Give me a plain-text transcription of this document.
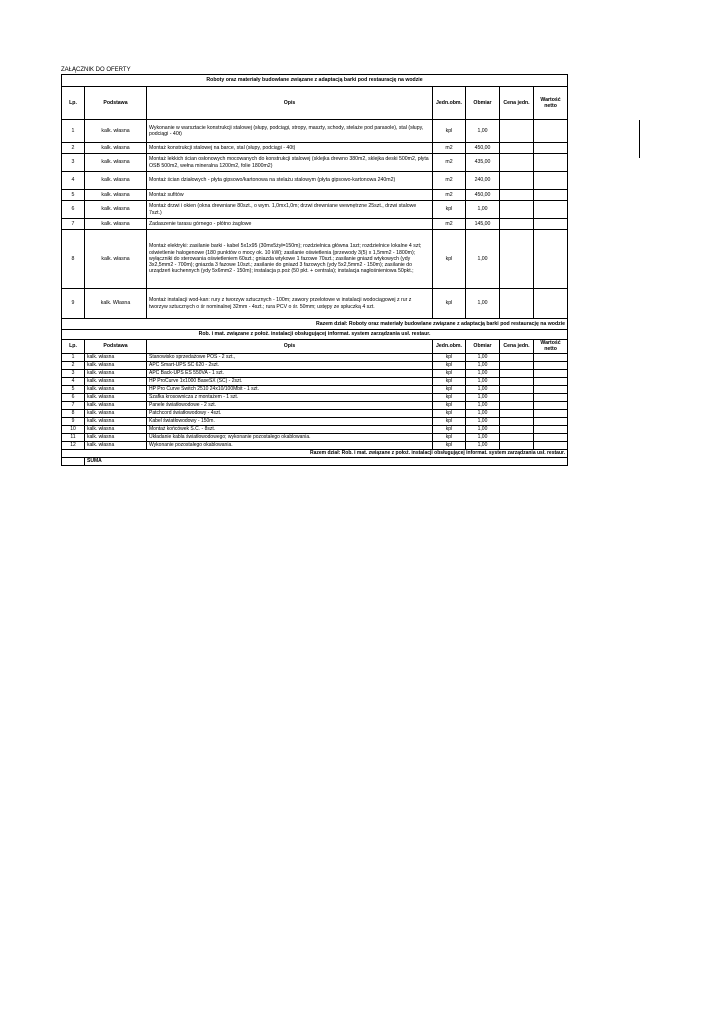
ZAŁĄCZNIK DO OFERTY
Roboty oraz materiały budowlane związane z adaptacją barki pod restaurację na wodzie						
Lp.	Podstawa	Opis	Jedn.obm.	Obmiar	Cena jedn.	Wartość netto
1	kalk. własna	Wykonanie w warsztacie konstrukcji stalowej (słupy, podciągi, stropy, maszty, schody, stelaże pod parasole), stal (słupy, podciągi - 40t)	kpl	1,00		
2	kalk. własna	Montaż konstrukcji stalowej na barce, stal (słupy, podciągi - 40t)	m2	450,00		
3	kalk. własna	Montaż lekkich ścian osłonowych mocowanych do konstrukcji stalowej (sklejka drewno 380m2, sklejka deski 500m2, płyta OSB 500m2, wełna mineralna 1200m2, folie 1800m2)	m2	435,00		
4	kalk. własna	Montaż ścian działowych - płyta gipsowo/kartonowa na stelażu stalowym (płyta gipsowo-kartonowa 240m2)	m2	240,00		
5	kalk. własna	Montaż sufitów	m2	450,00		
6	kalk. własna	Montaż drzwi i okien (okna drewniane 80szt., o wym. 1,0mx1,0m; drzwi drewniane wewnętrzne 25szt., drzwi stalowe 7szt.)	kpl	1,00		
7	kalk. własna	Zadaszenie tarasu górnego - płótno żaglowe	m2	145,00		
8	kalk. własna	Montaż elektryki: zasilanie barki - kabel 5x1x95 (30mx5żył=150m); rozdzielnica główna 1szt; rozdzielnice lokalne 4 szt; oświetlenie halogenowe (180 punktów o mocy ok. 10 kW); zasilanie oświetlenia (przewody 3(5) x 1,5mm2 - 1800m); wyłączniki do sterowania oświetleniem 60szt.; gniazda wtykowe 1 fazowe 70szt.; zasilanie gniazd wtykowych (ydy 3x2,5mm2 - 700m); gniazda 3 fazowe 10szt.; zasilanie do gniazd 3 fazowych (ydy 5x2,5mm2 - 150m); zasilanie do urządzeń kuchennych (ydy 5x6mm2 - 150m); instalacja p.poż (50 pkt. + centrala); instalacja nagłośnieniowa 50pkt.;	kpl	1,00		
9	kalk. Własna	Montaż instalacji wod-kan: rury z tworzyw sztucznych - 100m; zawory przelotowe w instalacji wodociągowej z rur z tworzyw sztucznych o śr nominalnej 32mm - 4szt.; rura PCV o śr. 50mm; ustępy ze spłuczką 4 szt.	kpl	1,00		
Razem dział: Roboty oraz materiały budowlane związane z adaptacją barki pod restaurację na wodzie						
Rob. i mat. związane z położ. instalacji obsługującej informat. system zarządzania usł. restaur.						
Lp.	Podstawa	Opis	Jedn.obm.	Obmiar	Cena jedn.	Wartość netto
1	kalk. własna	Stanowisko sprzedażowe POS - 2 szt.,	kpl	1,00		
2	kalk. własna	APC Smart-UPS SC 620 - 2szt.	kpl	1,00		
3	kalk. własna	APC Back-UPS ES 550VA - 1 szt.	kpl	1,00		
4	kalk. własna	HP ProCurve 1x1000 BaseSX (SC) - 2szt.	kpl	1,00		
5	kalk. własna	HP Pro Curve Switch 2510 24x10/100Mbit - 1 szt.	kpl	1,00		
6	kalk. własna	Szafka krosownicza z montażem - 1 szt.	kpl	1,00		
7	kalk. własna	Panele światłowodowe - 2 szt.	kpl	1,00		
8	kalk. własna	Patchcord światłowodowy - 4szt.	kpl	1,00		
9	kalk. własna	Kabel światłowodowy - 150m.	kpl	1,00		
10	kalk. własna	Montaż końcówek S.C. - 8szt.	kpl	1,00		
11	kalk. własna	Układanie kabla światłowodowego; wykonanie pozostałego okablowania.	kpl	1,00		
12	kalk. własna	Wykonanie pozostałego okablowania.	kpl	1,00		
Razem dział: Rob. i mat. związane z położ. instalacji obsługującej informat. system zarządzania usł. restaur.						
	SUMA					
